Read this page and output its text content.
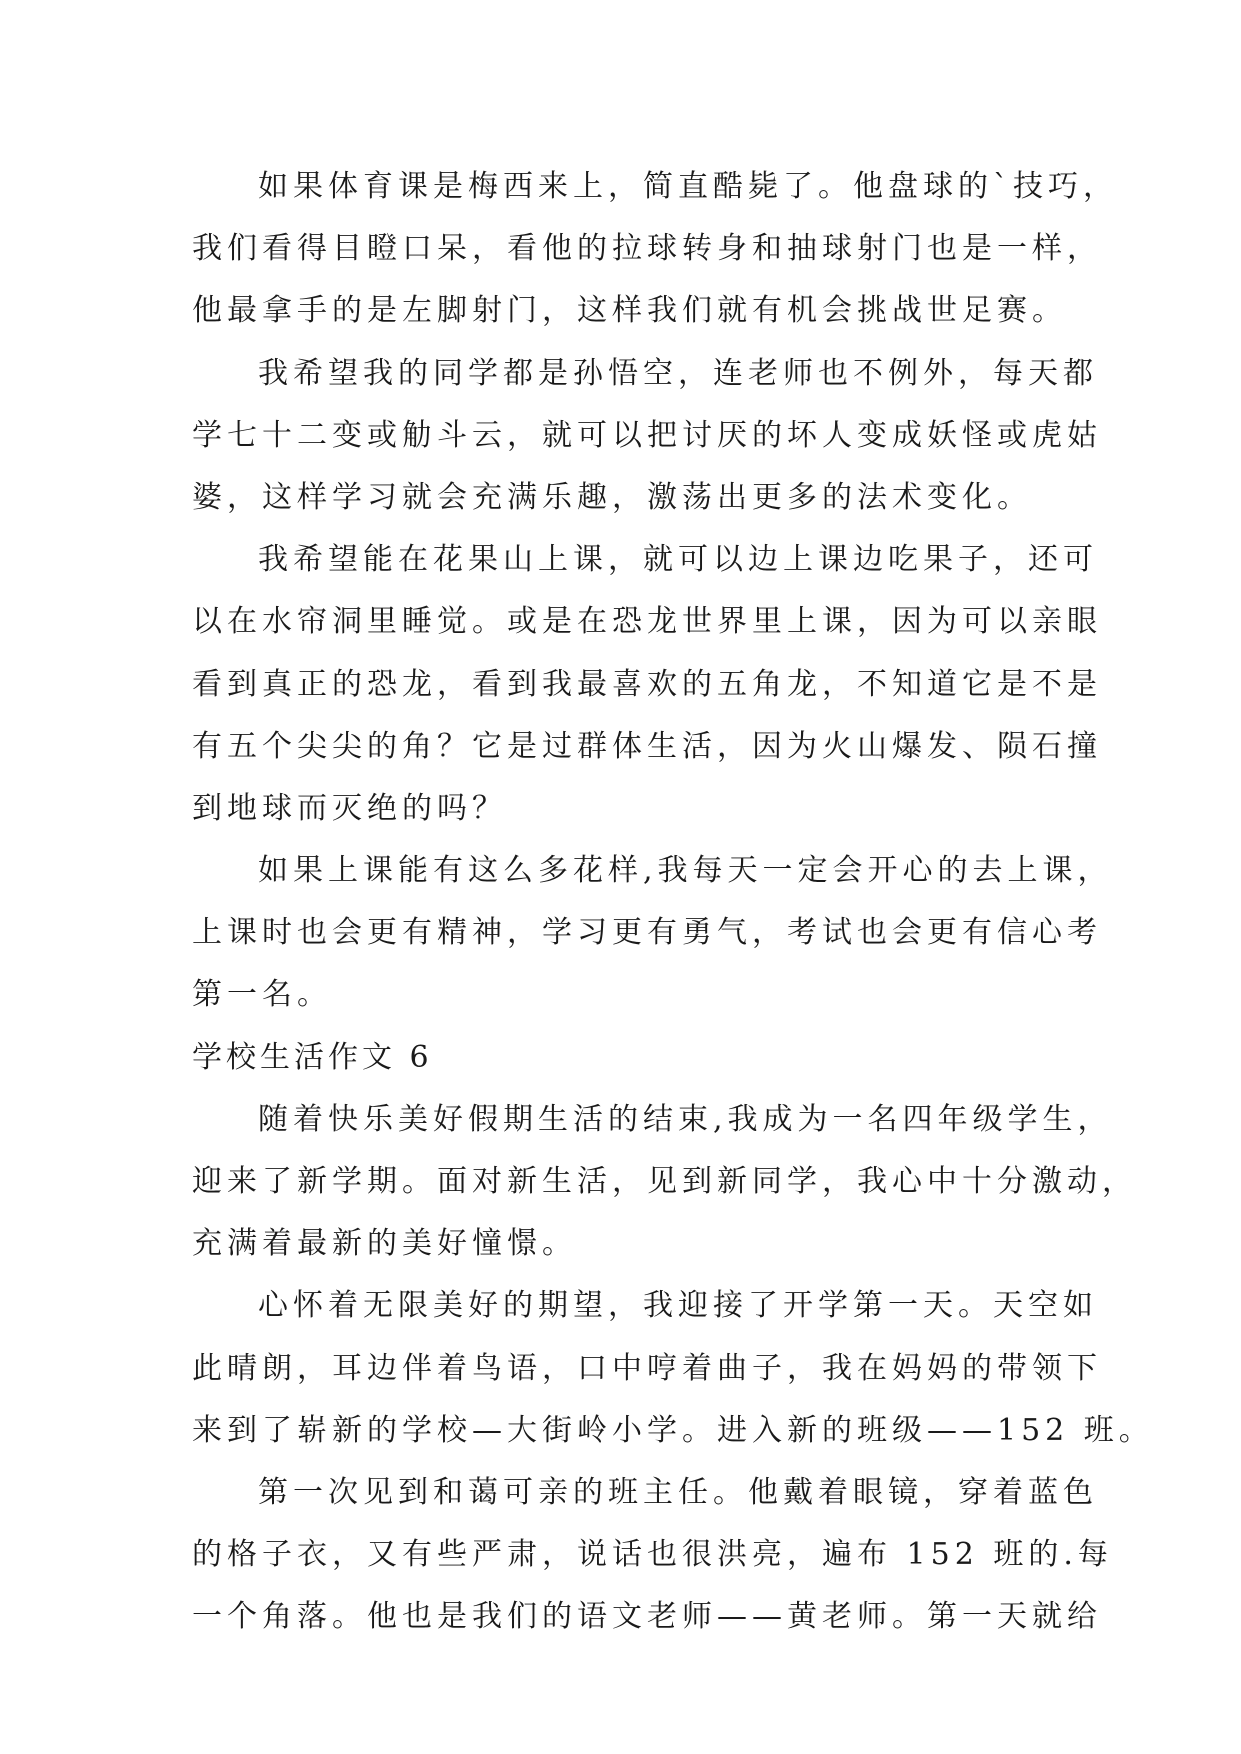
如果体育课是梅西来上，简直酷毙了。他盘球的`技巧，
我们看得目瞪口呆，看他的拉球转身和抽球射门也是一样，
他最拿手的是左脚射门，这样我们就有机会挑战世足赛。
我希望我的同学都是孙悟空，连老师也不例外，每天都
学七十二变或觔斗云，就可以把讨厌的坏人变成妖怪或虎姑
婆，这样学习就会充满乐趣，激荡出更多的法术变化。
我希望能在花果山上课，就可以边上课边吃果子，还可
以在水帘洞里睡觉。或是在恐龙世界里上课，因为可以亲眼
看到真正的恐龙，看到我最喜欢的五角龙，不知道它是不是
有五个尖尖的角？它是过群体生活，因为火山爆发、陨石撞
到地球而灭绝的吗？
如果上课能有这么多花样,我每天一定会开心的去上课，
上课时也会更有精神，学习更有勇气，考试也会更有信心考
第一名。
学校生活作文 6
随着快乐美好假期生活的结束,我成为一名四年级学生，
迎来了新学期。面对新生活，见到新同学，我心中十分激动，
充满着最新的美好憧憬。
心怀着无限美好的期望，我迎接了开学第一天。天空如
此晴朗，耳边伴着鸟语，口中哼着曲子，我在妈妈的带领下
来到了崭新的学校—大街岭小学。进入新的班级——152 班。
第一次见到和蔼可亲的班主任。他戴着眼镜，穿着蓝色
的格子衣，又有些严肃，说话也很洪亮，遍布 152 班的.每
一个角落。他也是我们的语文老师——黄老师。第一天就给
